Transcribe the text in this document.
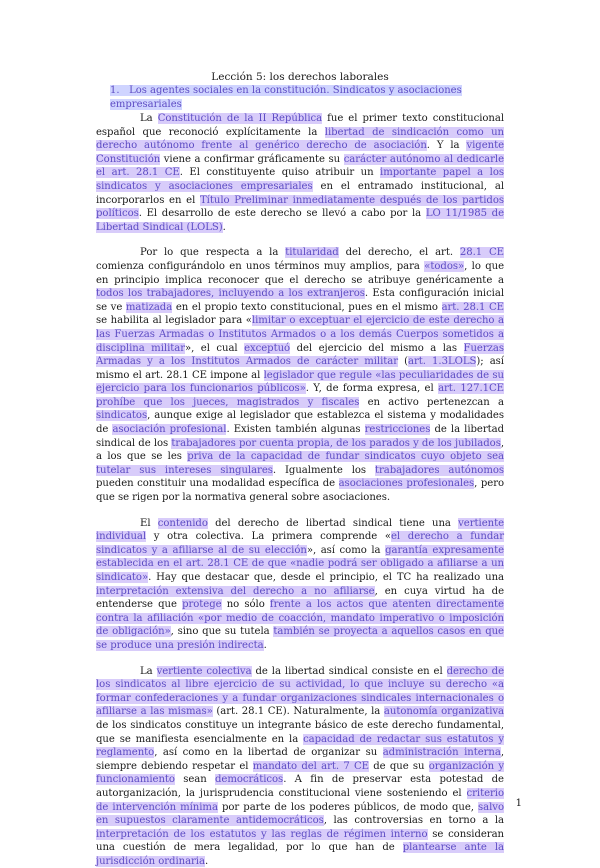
Lección 5: los derechos laborales
1.   Los agentes sociales en la constitución. Sindicatos y asociaciones empresariales

La Constitución de la II República fue el primer texto constitucional español que reconoció explícitamente la libertad de sindicación como un derecho autónomo frente al genérico derecho de asociación. Y la vigente Constitución viene a confirmar gráficamente su carácter autónomo al dedicarle el art. 28.1 CE. El constituyente quiso atribuir un importante papel a los sindicatos y asociaciones empresariales en el entramado institucional, al incorporarlos en el Título Preliminar inmediatamente después de los partidos políticos. El desarrollo de este derecho se llevó a cabo por la LO 11/1985 de Libertad Sindical (LOLS).

Por lo que respecta a la titularidad del derecho, el art. 28.1 CE comienza configurándolo en unos términos muy amplios, para «todos», lo que en principio implica reconocer que el derecho se atribuye genéricamente a todos los trabajadores, incluyendo a los extranjeros. Esta configuración inicial se ve matizada en el propio texto constitucional, pues en el mismo art. 28.1 CE se habilita al legislador para «limitar o exceptuar el ejercicio de este derecho a las Fuerzas Armadas o Institutos Armados o a los demás Cuerpos sometidos a disciplina militar», el cual exceptuó del ejercicio del mismo a las Fuerzas Armadas y a los Institutos Armados de carácter militar (art. 1.3LOLS); así mismo el art. 28.1 CE impone al legislador que regule «las peculiaridades de su ejercicio para los funcionarios públicos». Y, de forma expresa, el art. 127.1CE prohíbe que los jueces, magistrados y fiscales en activo pertenezcan a sindicatos, aunque exige al legislador que establezca el sistema y modalidades de asociación profesional. Existen también algunas restricciones de la libertad sindical de los trabajadores por cuenta propia, de los parados y de los jubilados, a los que se les priva de la capacidad de fundar sindicatos cuyo objeto sea tutelar sus intereses singulares. Igualmente los trabajadores autónomos pueden constituir una modalidad específica de asociaciones profesionales, pero que se rigen por la normativa general sobre asociaciones.

El contenido del derecho de libertad sindical tiene una vertiente individual y otra colectiva. La primera comprende «el derecho a fundar sindicatos y a afiliarse al de su elección», así como la garantía expresamente establecida en el art. 28.1 CE de que «nadie podrá ser obligado a afiliarse a un sindicato». Hay que destacar que, desde el principio, el TC ha realizado una interpretación extensiva del derecho a no afiliarse, en cuya virtud ha de entenderse que protege no sólo frente a los actos que atenten directamente contra la afiliación «por medio de coacción, mandato imperativo o imposición de obligación», sino que su tutela también se proyecta a aquellos casos en que se produce una presión indirecta.

La vertiente colectiva de la libertad sindical consiste en el derecho de los sindicatos al libre ejercicio de su actividad, lo que incluye su derecho «a formar confederaciones y a fundar organizaciones sindicales internacionales o afiliarse a las mismas» (art. 28.1 CE). Naturalmente, la autonomía organizativa de los sindicatos constituye un integrante básico de este derecho fundamental, que se manifiesta esencialmente en la capacidad de redactar sus estatutos y reglamento, así como en la libertad de organizar su administración interna, siempre debiendo respetar el mandato del art. 7 CE de que su organización y funcionamiento sean democráticos. A fin de preservar esta potestad de autorganización, la jurisprudencia constitucional viene sosteniendo el criterio de intervención mínima por parte de los poderes públicos, de modo que, salvo en supuestos claramente antidemocráticos, las controversias en torno a la interpretación de los estatutos y las reglas de régimen interno se consideran una cuestión de mera legalidad, por lo que han de plantearse ante la jurisdicción ordinaria.

1
